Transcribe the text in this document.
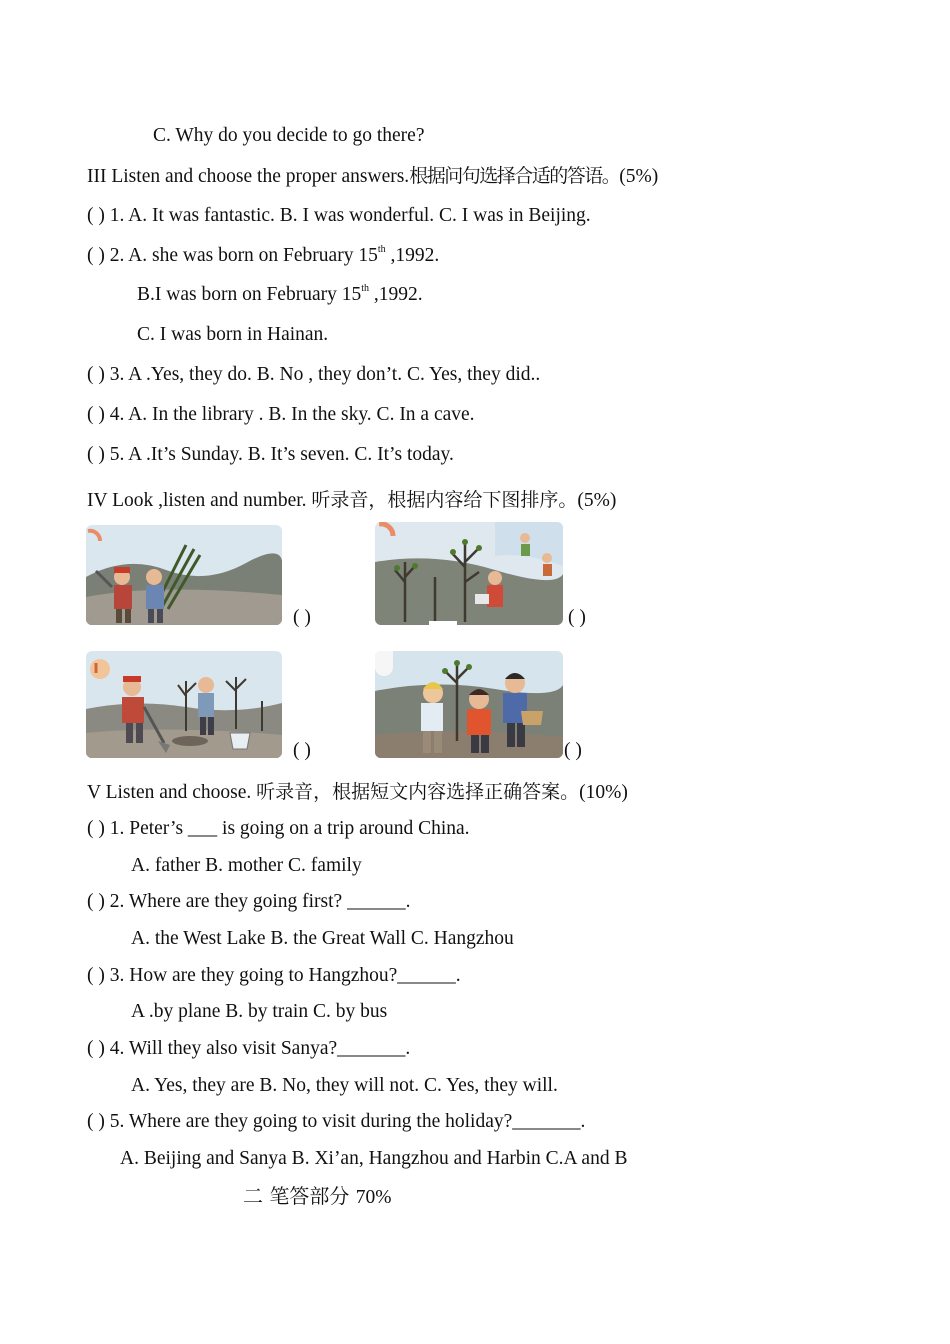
C. Why do you decide to go there?
III Listen and choose the proper answers.根据问句选择合适的答语。(5%)
( ) 1. A. It was fantastic. B. I was wonderful. C. I was in Beijing.
( ) 2. A. she was born on February 15th ,1992.
B.I was born on February 15th ,1992.
C. I was born in Hainan.
( ) 3. A .Yes, they do. B. No , they don’t. C. Yes, they did..
( ) 4. A. In the library . B. In the sky. C. In a cave.
( ) 5. A .It’s Sunday. B. It’s seven. C. It’s today.
IV Look ,listen and number. 听录音，根据内容给下图排序。(5%)
( )	( )
( )	( )
V Listen and choose. 听录音，根据短文内容选择正确答案。(10%)
( ) 1. Peter’s ___ is going on a trip around China.
A. father B. mother C. family
( ) 2. Where are they going first? ______.
A. the West Lake B. the Great Wall C. Hangzhou
( ) 3. How are they going to Hangzhou?______.
A .by plane B. by train C. by bus
( ) 4. Will they also visit Sanya?_______.
A. Yes, they are B. No, they will not. C. Yes, they will.
( ) 5. Where are they going to visit during the holiday?_______.
A. Beijing and Sanya B. Xi’an, Hangzhou and Harbin C.A and B
二 笔答部分 70%
